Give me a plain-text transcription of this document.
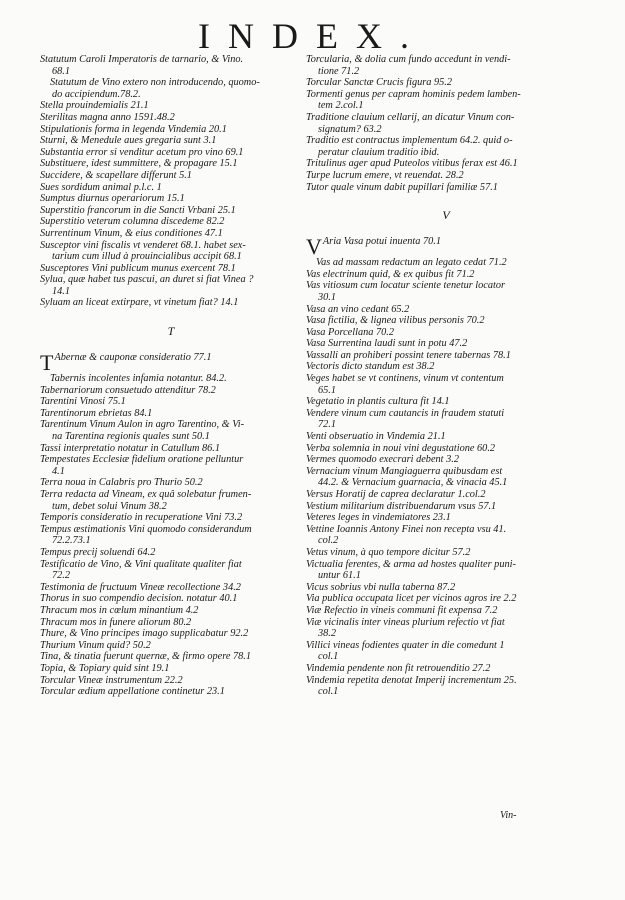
INDEX.
Statutum Caroli Imperatoris de tarnario, & Vino.
68.1
Statutum de Vino extero non introducendo, quomo-
do accipiendum.78.2.
Stella prouindemialis 21.1
Sterilitas magna anno 1591.48.2
Stipulationis forma in legenda Vindemia 20.1
Sturni, & Menedule aues gregaria sunt 3.1
Substantia error si venditur acetum pro vino 69.1
Substituere, idest summittere, & propagare 15.1
Succidere, & scapellare differunt 5.1
Sues sordidum animal p.l.c. 1
Sumptus diurnus operariorum 15.1
Superstitio francorum in die Sancti Vrbani 25.1
Superstitio veterum columna discedeme 82.2
Surrentinum Vinum, & eius conditiones 47.1
Susceptor vini fiscalis vt venderet 68.1. habet sex-
tarium cum illud à prouincialibus accipit 68.1
Susceptores Vini publicum munus exercent 78.1
Sylua, quæ habet tus pascui, an duret si fiat Vinea ?
14.1
Syluam an liceat extirpare, vt vinetum fiat? 14.1
T
T Abernæ & cauponæ consideratio 77.1
Tabernis incolentes infamia notantur. 84.2.
Tabernariorum consuetudo attenditur 78.2
Tarentini Vinosi 75.1
Tarentinorum ebrietas 84.1
Tarentinum Vinum Aulon in agro Tarentino, & Vi-
na Tarentina regionis quales sunt 50.1
Tassi interpretatio notatur in Catullum 86.1
Tempestates Ecclesiæ fidelium oratione pelluntur
4.1
Terra noua in Calabris pro Thurio 50.2
Terra redacta ad Vineam, ex quâ solebatur frumen-
tum, debet solui Vinum 38.2
Temporis consideratio in recuperatione Vini 73.2
Tempus æstimationis Vini quomodo considerandum
72.2.73.1
Tempus precij soluendi 64.2
Testificatio de Vino, & Vini qualitate qualiter fiat
72.2
Testimonia de fructuum Vineæ recollectione 34.2
Thorus in suo compendio decision. notatur 40.1
Thracum mos in cœlum minantium 4.2
Thracum mos in funere aliorum 80.2
Thure, & Vino principes imago supplicabatur 92.2
Thurium Vinum quid? 50.2
Tina, & tinatia fuerunt quernæ, & firmo opere 78.1
Topia, & Topiary quid sint 19.1
Torcular Vineæ instrumentum 22.2
Torcular ædium appellatione continetur 23.1
Torcularia, & dolia cum fundo accedunt in vendi-
tione 71.2
Torcular Sanctæ Crucis figura 95.2
Tormenti genus per capram hominis pedem lamben-
tem 2.col.1
Traditione clauium cellarij, an dicatur Vinum con-
signatum? 63.2
Traditio est contractus implementum 64.2. quid o-
peratur clauium traditio ibid.
Tritulinus ager apud Puteolos vitibus ferax est 46.1
Turpe lucrum emere, vt reuendat. 28.2
Tutor quale vinum dabit pupillari familiæ 57.1
V
V Aria Vasa potui inuenta 70.1
Vas ad massam redactum an legato cedat 71.2
Vas electrinum quid, & ex quibus fit 71.2
Vas vitiosum cum locatur sciente tenetur locator
30.1
Vasa an vino cedant 65.2
Vasa fictilia, & lignea vilibus personis 70.2
Vasa Porcellana 70.2
Vasa Surrentina laudi sunt in potu 47.2
Vassalli an prohiberi possint tenere tabernas 78.1
Vectoris dicto standum est 38.2
Veges habet se vt continens, vinum vt contentum
65.1
Vegetatio in plantis cultura fit 14.1
Vendere vinum cum cautancis in fraudem statuti
72.1
Venti obseruatio in Vindemia 21.1
Verba solemnia in noui vini degustatione 60.2
Vermes quomodo execrari debent 3.2
Vernacium vinum Mangiaguerra quibusdam est
44.2. & Vernacium guarnacia, & vinacia 45.1
Versus Horatij de caprea declaratur 1.col.2
Vestium militarium distribuendarum vsus 57.1
Veteres leges in vindemiatores 23.1
Vettine Ioannis Antony Finei non recepta vsu 41.
col.2
Vetus vinum, à quo tempore dicitur 57.2
Victualia ferentes, & arma ad hostes qualiter puni-
untur 61.1
Vicus sobrius vbi nulla taberna 87.2
Via publica occupata licet per vicinos agros ire 2.2
Viæ Refectio in vineis communi fit expensa 7.2
Viæ vicinalis inter vineas plurium refectio vt fiat
38.2
Villici vineas fodientes quater in die comedunt 1
col.1
Vindemia pendente non fit retrouenditio 27.2
Vindemia repetita denotat Imperij incrementum 25.
col.1
Vin-
